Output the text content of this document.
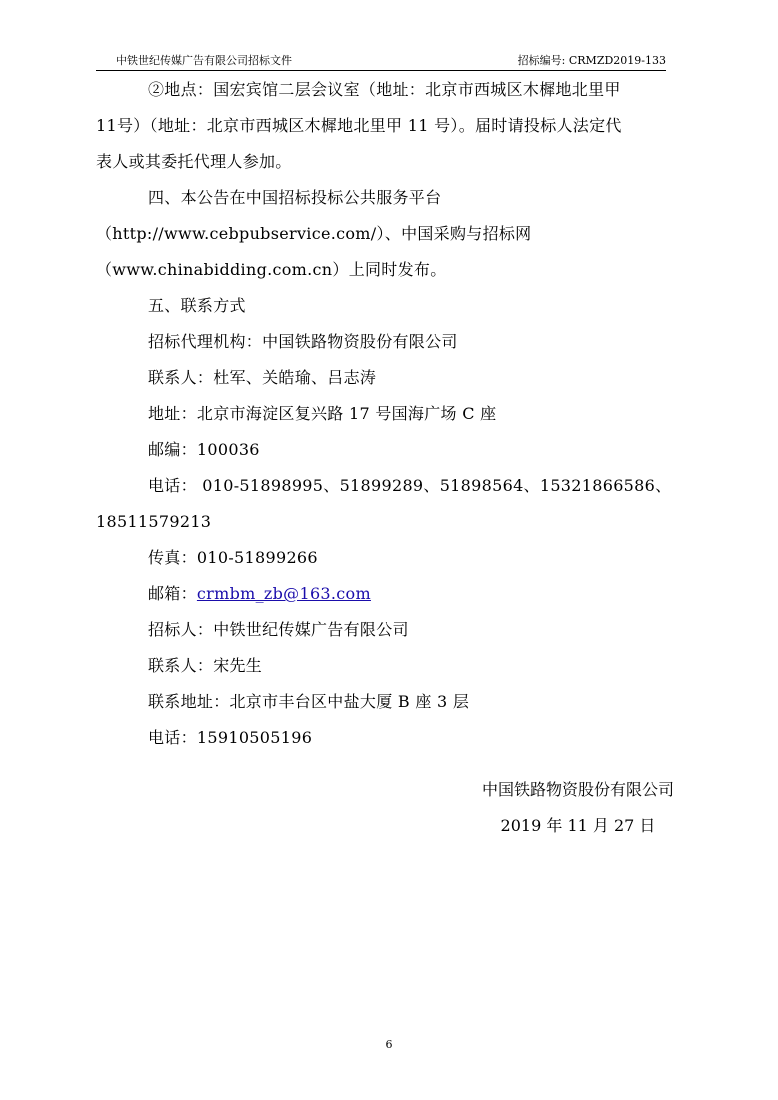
中铁世纪传媒广告有限公司招标文件	招标编号: CRMZD2019-133

②地点：国宏宾馆二层会议室（地址：北京市西城区木樨地北里甲

11号）（地址：北京市西城区木樨地北里甲 11 号）。届时请投标人法定代

表人或其委托代理人参加。

四、本公告在中国招标投标公共服务平台

（http://www.cebpubservice.com/）、中国采购与招标网

（www.chinabidding.com.cn）上同时发布。

五、联系方式

招标代理机构：中国铁路物资股份有限公司

联系人：杜军、关皓瑜、吕志涛

地址：北京市海淀区复兴路 17 号国海广场 C 座

邮编：100036

电话： 010-51898995、51899289、51898564、15321866586、

18511579213

传真：010-51899266

邮箱：crmbm_zb@163.com

招标人：中铁世纪传媒广告有限公司

联系人：宋先生

联系地址：北京市丰台区中盐大厦 B 座 3 层

电话：15910505196

中国铁路物资股份有限公司

2019 年 11 月 27 日

6
